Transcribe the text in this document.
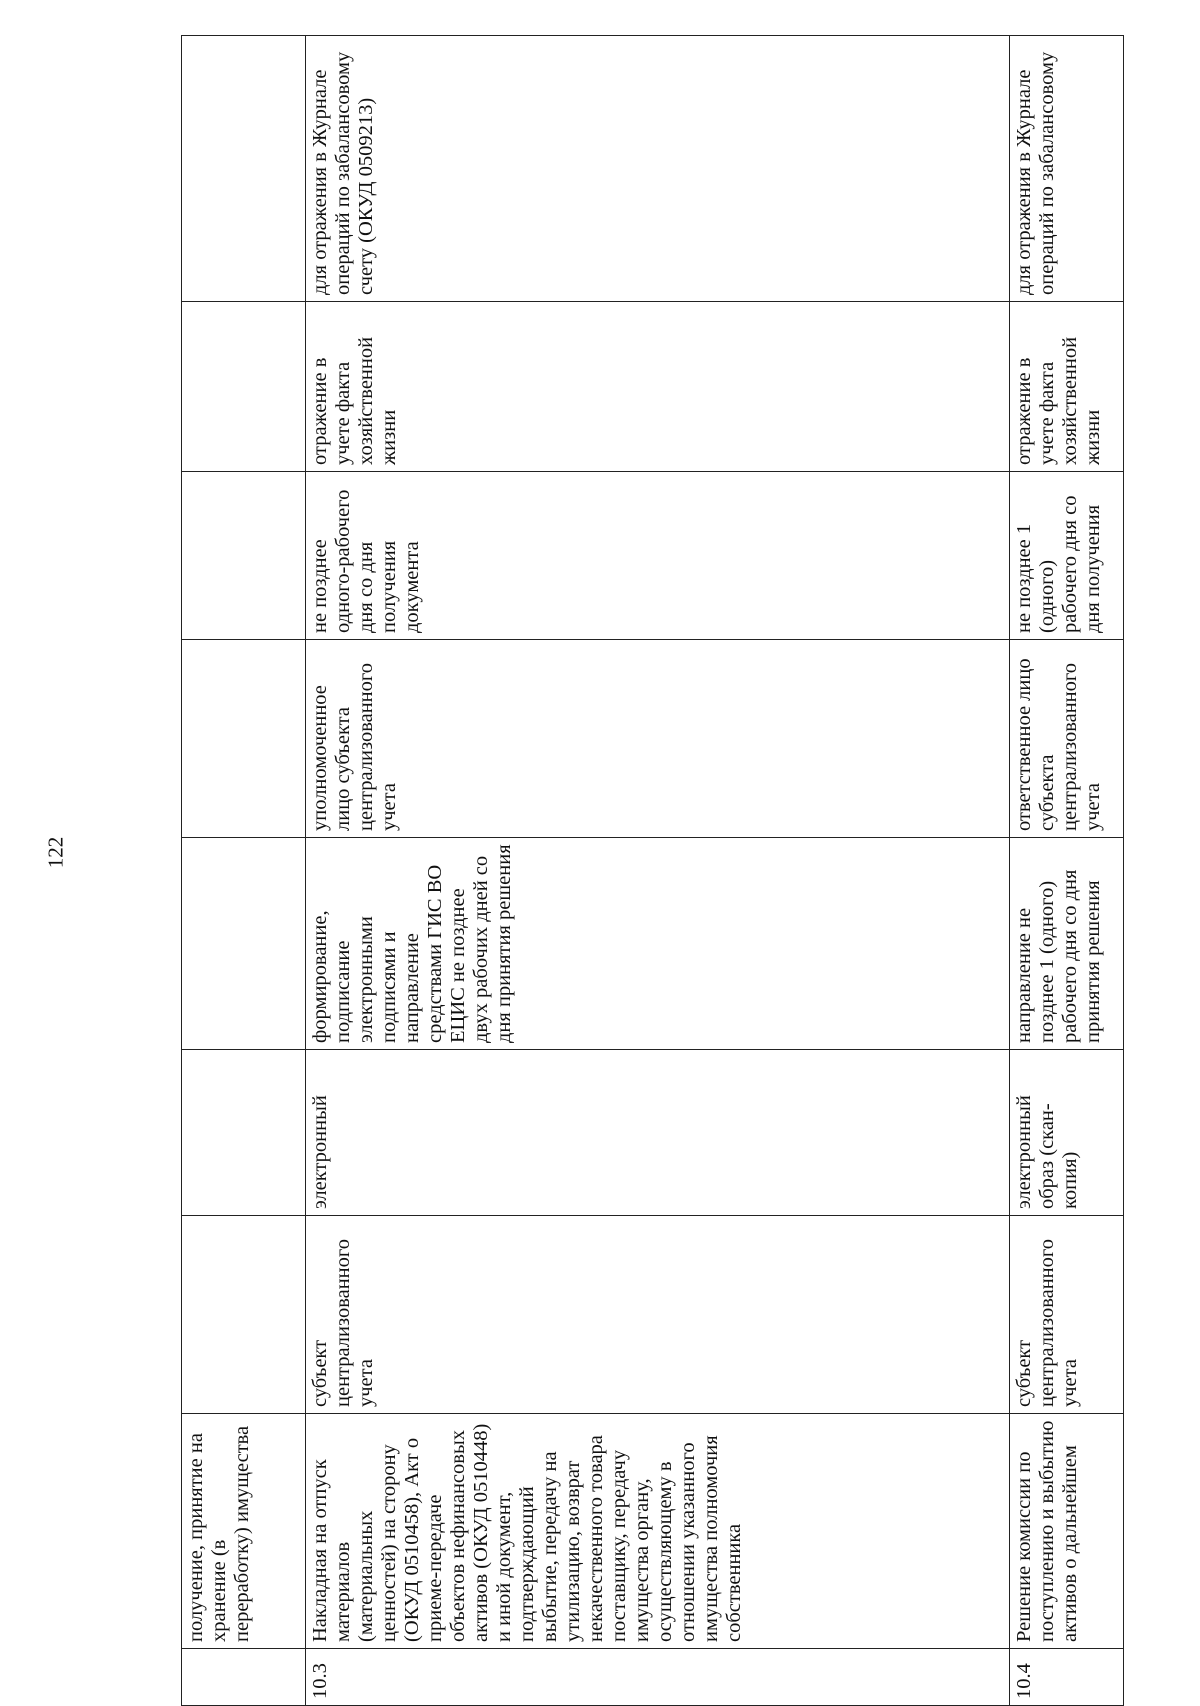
122
	получение, принятие на хранение (в переработку) имущества							
10.3	Накладная на отпуск материалов (материальных ценностей) на сторону (ОКУД 0510458), Акт о приеме-передаче объектов нефинансовых активов (ОКУД 0510448) и иной документ, подтверждающий выбытие, передачу на утилизацию, возврат некачественного товара поставщику, передачу имущества органу, осуществляющему в отношении указанного имущества полномочия собственника	субъект централизованного учета	электронный	формирование, подписание электронными подписями и направление средствами ГИС ВО ЕЦИС не позднее двух рабочих дней со дня принятия решения	уполномоченное лицо субъекта централизованного учета	не позднее одного-рабочего дня со дня получения документа	отражение в учете факта хозяйственной жизни	для отражения в Журнале операций по забалансовому счету (ОКУД 0509213)
10.4	Решение комиссии по поступлению и выбытию активов о дальнейшем	субъект централизованного учета	электронный образ (скан-копия)	направление не позднее 1 (одного) рабочего дня со дня принятия решения	ответственное лицо субъекта централизованного учета	не позднее 1 (одного) рабочего дня со дня получения	отражение в учете факта хозяйственной жизни	для отражения в Журнале операций по забалансовому
